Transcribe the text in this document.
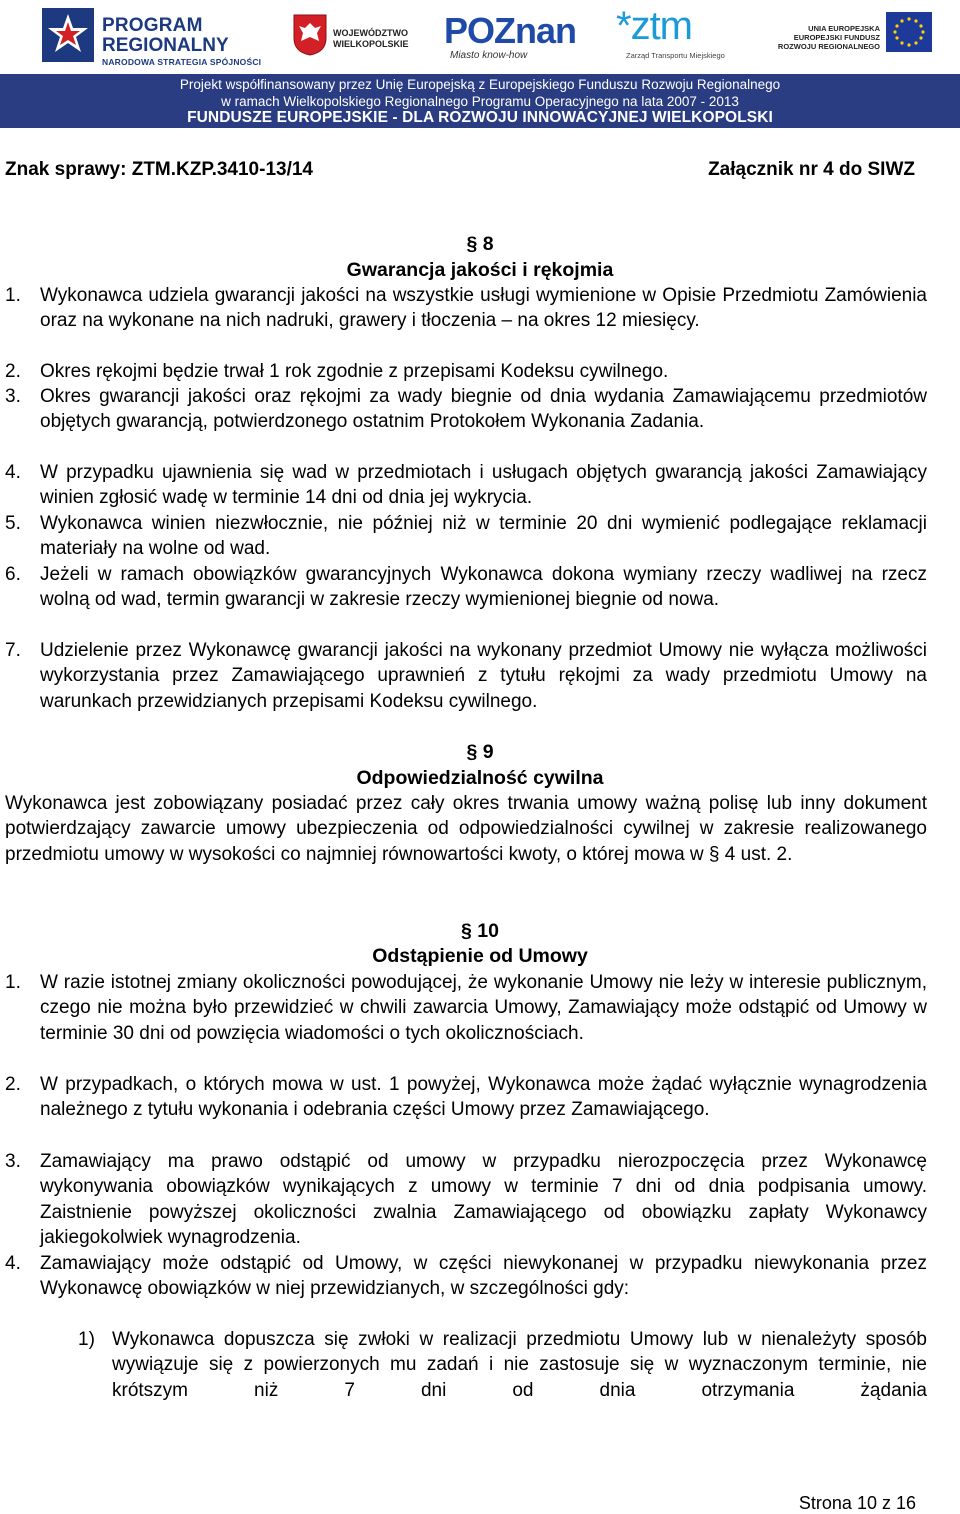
PROGRAM
REGIONALNY
NARODOWA STRATEGIA SPÓJNOŚCI
WOJEWÓDZTWO
WIELKOPOLSKIE POZnan
Miasto know-how
*ztm
Zarząd Transportu Miejskiego
UNIA EUROPEJSKA
EUROPEJSKI FUNDUSZ
ROZWOJU REGIONALNEGO
Projekt współfinansowany przez Unię Europejską z Europejskiego Funduszu Rozwoju Regionalnego
w ramach Wielkopolskiego Regionalnego Programu Operacyjnego na lata 2007 - 2013
FUNDUSZE EUROPEJSKIE - DLA ROZWOJU INNOWACYJNEJ WIELKOPOLSKI
Znak sprawy: ZTM.KZP.3410-13/14	Załącznik nr 4 do SIWZ
§ 8
Gwarancja jakości i rękojmia
1. Wykonawca udziela gwarancji jakości na wszystkie usługi wymienione w Opisie Przedmiotu Zamówienia oraz na wykonane na nich nadruki, grawery i tłoczenia – na okres 12 miesięcy.
2. Okres rękojmi będzie trwał 1 rok zgodnie z przepisami Kodeksu cywilnego.
3. Okres gwarancji jakości oraz rękojmi za wady biegnie od dnia wydania Zamawiającemu przedmiotów objętych gwarancją, potwierdzonego ostatnim Protokołem Wykonania Zadania.
4. W przypadku ujawnienia się wad w przedmiotach i usługach objętych gwarancją jakości Zamawiający winien zgłosić wadę w terminie 14 dni od dnia jej wykrycia.
5. Wykonawca winien niezwłocznie, nie później niż w terminie 20 dni wymienić podlegające reklamacji materiały na wolne od wad.
6. Jeżeli w ramach obowiązków gwarancyjnych Wykonawca dokona wymiany rzeczy wadliwej na rzecz wolną od wad, termin gwarancji w zakresie rzeczy wymienionej biegnie od nowa.
7. Udzielenie przez Wykonawcę gwarancji jakości na wykonany przedmiot Umowy nie wyłącza możliwości wykorzystania przez Zamawiającego uprawnień z tytułu rękojmi za wady przedmiotu Umowy na warunkach przewidzianych przepisami Kodeksu cywilnego.
§ 9
Odpowiedzialność cywilna
Wykonawca jest zobowiązany posiadać przez cały okres trwania umowy ważną polisę lub inny dokument potwierdzający zawarcie umowy ubezpieczenia od odpowiedzialności cywilnej w zakresie realizowanego przedmiotu umowy w wysokości co najmniej równowartości kwoty, o której mowa w § 4 ust. 2.
§ 10
Odstąpienie od Umowy
1. W razie istotnej zmiany okoliczności powodującej, że wykonanie Umowy nie leży w interesie publicznym, czego nie można było przewidzieć w chwili zawarcia Umowy, Zamawiający może odstąpić od Umowy w terminie 30 dni od powzięcia wiadomości o tych okolicznościach.
2. W przypadkach, o których mowa w ust. 1 powyżej, Wykonawca może żądać wyłącznie wynagrodzenia należnego z tytułu wykonania i odebrania części Umowy przez Zamawiającego.
3. Zamawiający ma prawo odstąpić od umowy w przypadku nierozpoczęcia przez Wykonawcę wykonywania obowiązków wynikających z umowy w terminie 7 dni od dnia podpisania umowy. Zaistnienie powyższej okoliczności zwalnia Zamawiającego od obowiązku zapłaty Wykonawcy jakiegokolwiek wynagrodzenia.
4. Zamawiający może odstąpić od Umowy, w części niewykonanej w przypadku niewykonania przez Wykonawcę obowiązków w niej przewidzianych, w szczególności gdy:
1) Wykonawca dopuszcza się zwłoki w realizacji przedmiotu Umowy lub w nienależyty sposób wywiązuje się z powierzonych mu zadań i nie zastosuje się w wyznaczonym terminie, nie krótszym niż 7 dni od dnia otrzymania żądania
Strona 10 z 16
